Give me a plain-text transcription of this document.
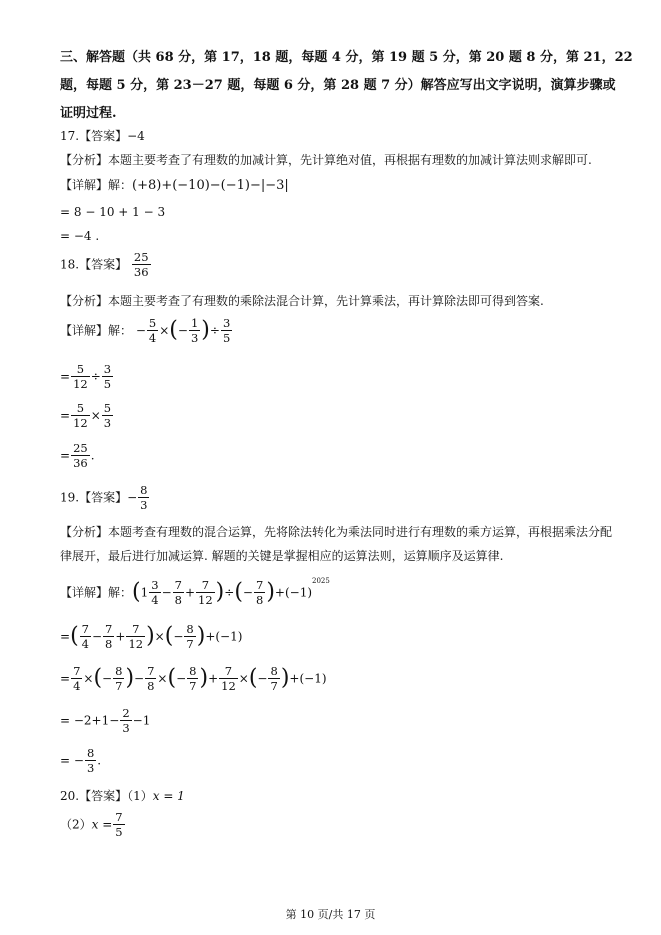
三、解答题（共 68 分，第 17，18 题，每题 4 分，第 19 题 5 分，第 20 题 8 分，第 21，22
题，每题 5 分，第 23－27 题，每题 6 分，第 28 题 7 分）解答应写出文字说明，演算步骤或
证明过程.
17.【答案】−4
【分析】本题主要考查了有理数的加减计算，先计算绝对值，再根据有理数的加减计算法则求解即可.
【详解】解：(+8)+(−10)−(−1)−|−3|
= 8 − 10 + 1 − 3
= −4 .
18.【答案】 $\frac{25}{36}$
【分析】本题主要考查了有理数的乘除法混合计算，先计算乘法，再计算除法即可得到答案.
【详解】解： − $\frac{5}{4}$ ×(− $\frac{1}{3}$ )÷ $\frac{3}{5}$
= $\frac{5}{12} \div \frac{3}{5}$
= $\frac{5}{12} \times \frac{5}{3}$
= $\frac{25}{36}$ .
19.【答案】− $\frac{8}{3}$
【分析】本题考查有理数的混合运算，先将除法转化为乘法同时进行有理数的乘方运算，再根据乘法分配
律展开，最后进行加减运算. 解题的关键是掌握相应的运算法则，运算顺序及运算律.
【详解】解：($1 \frac{3}{4} - \frac{7}{8} + \frac{7}{12}$ )÷(− $\frac{7}{8} )+(-1)^{2025}$
=( $\frac{7}{4} - \frac{7}{8} + \frac{7}{12}$ )×(− $\frac{8}{7} )+(-1)$
= $\frac{7}{4}$ ×(− $\frac{8}{7}$ )− $\frac{7}{8}$ ×(− $\frac{8}{7}$ )+ $\frac{7}{12}$ ×(− $\frac{8}{7} )+(-1)$
= $-2+1- \frac{2}{3} -1$
= − $\frac{8}{3}$ .
20.【答案】（1）x = 1
$(2)x = \frac{7}{5}$
第 10 页/共 17 页
